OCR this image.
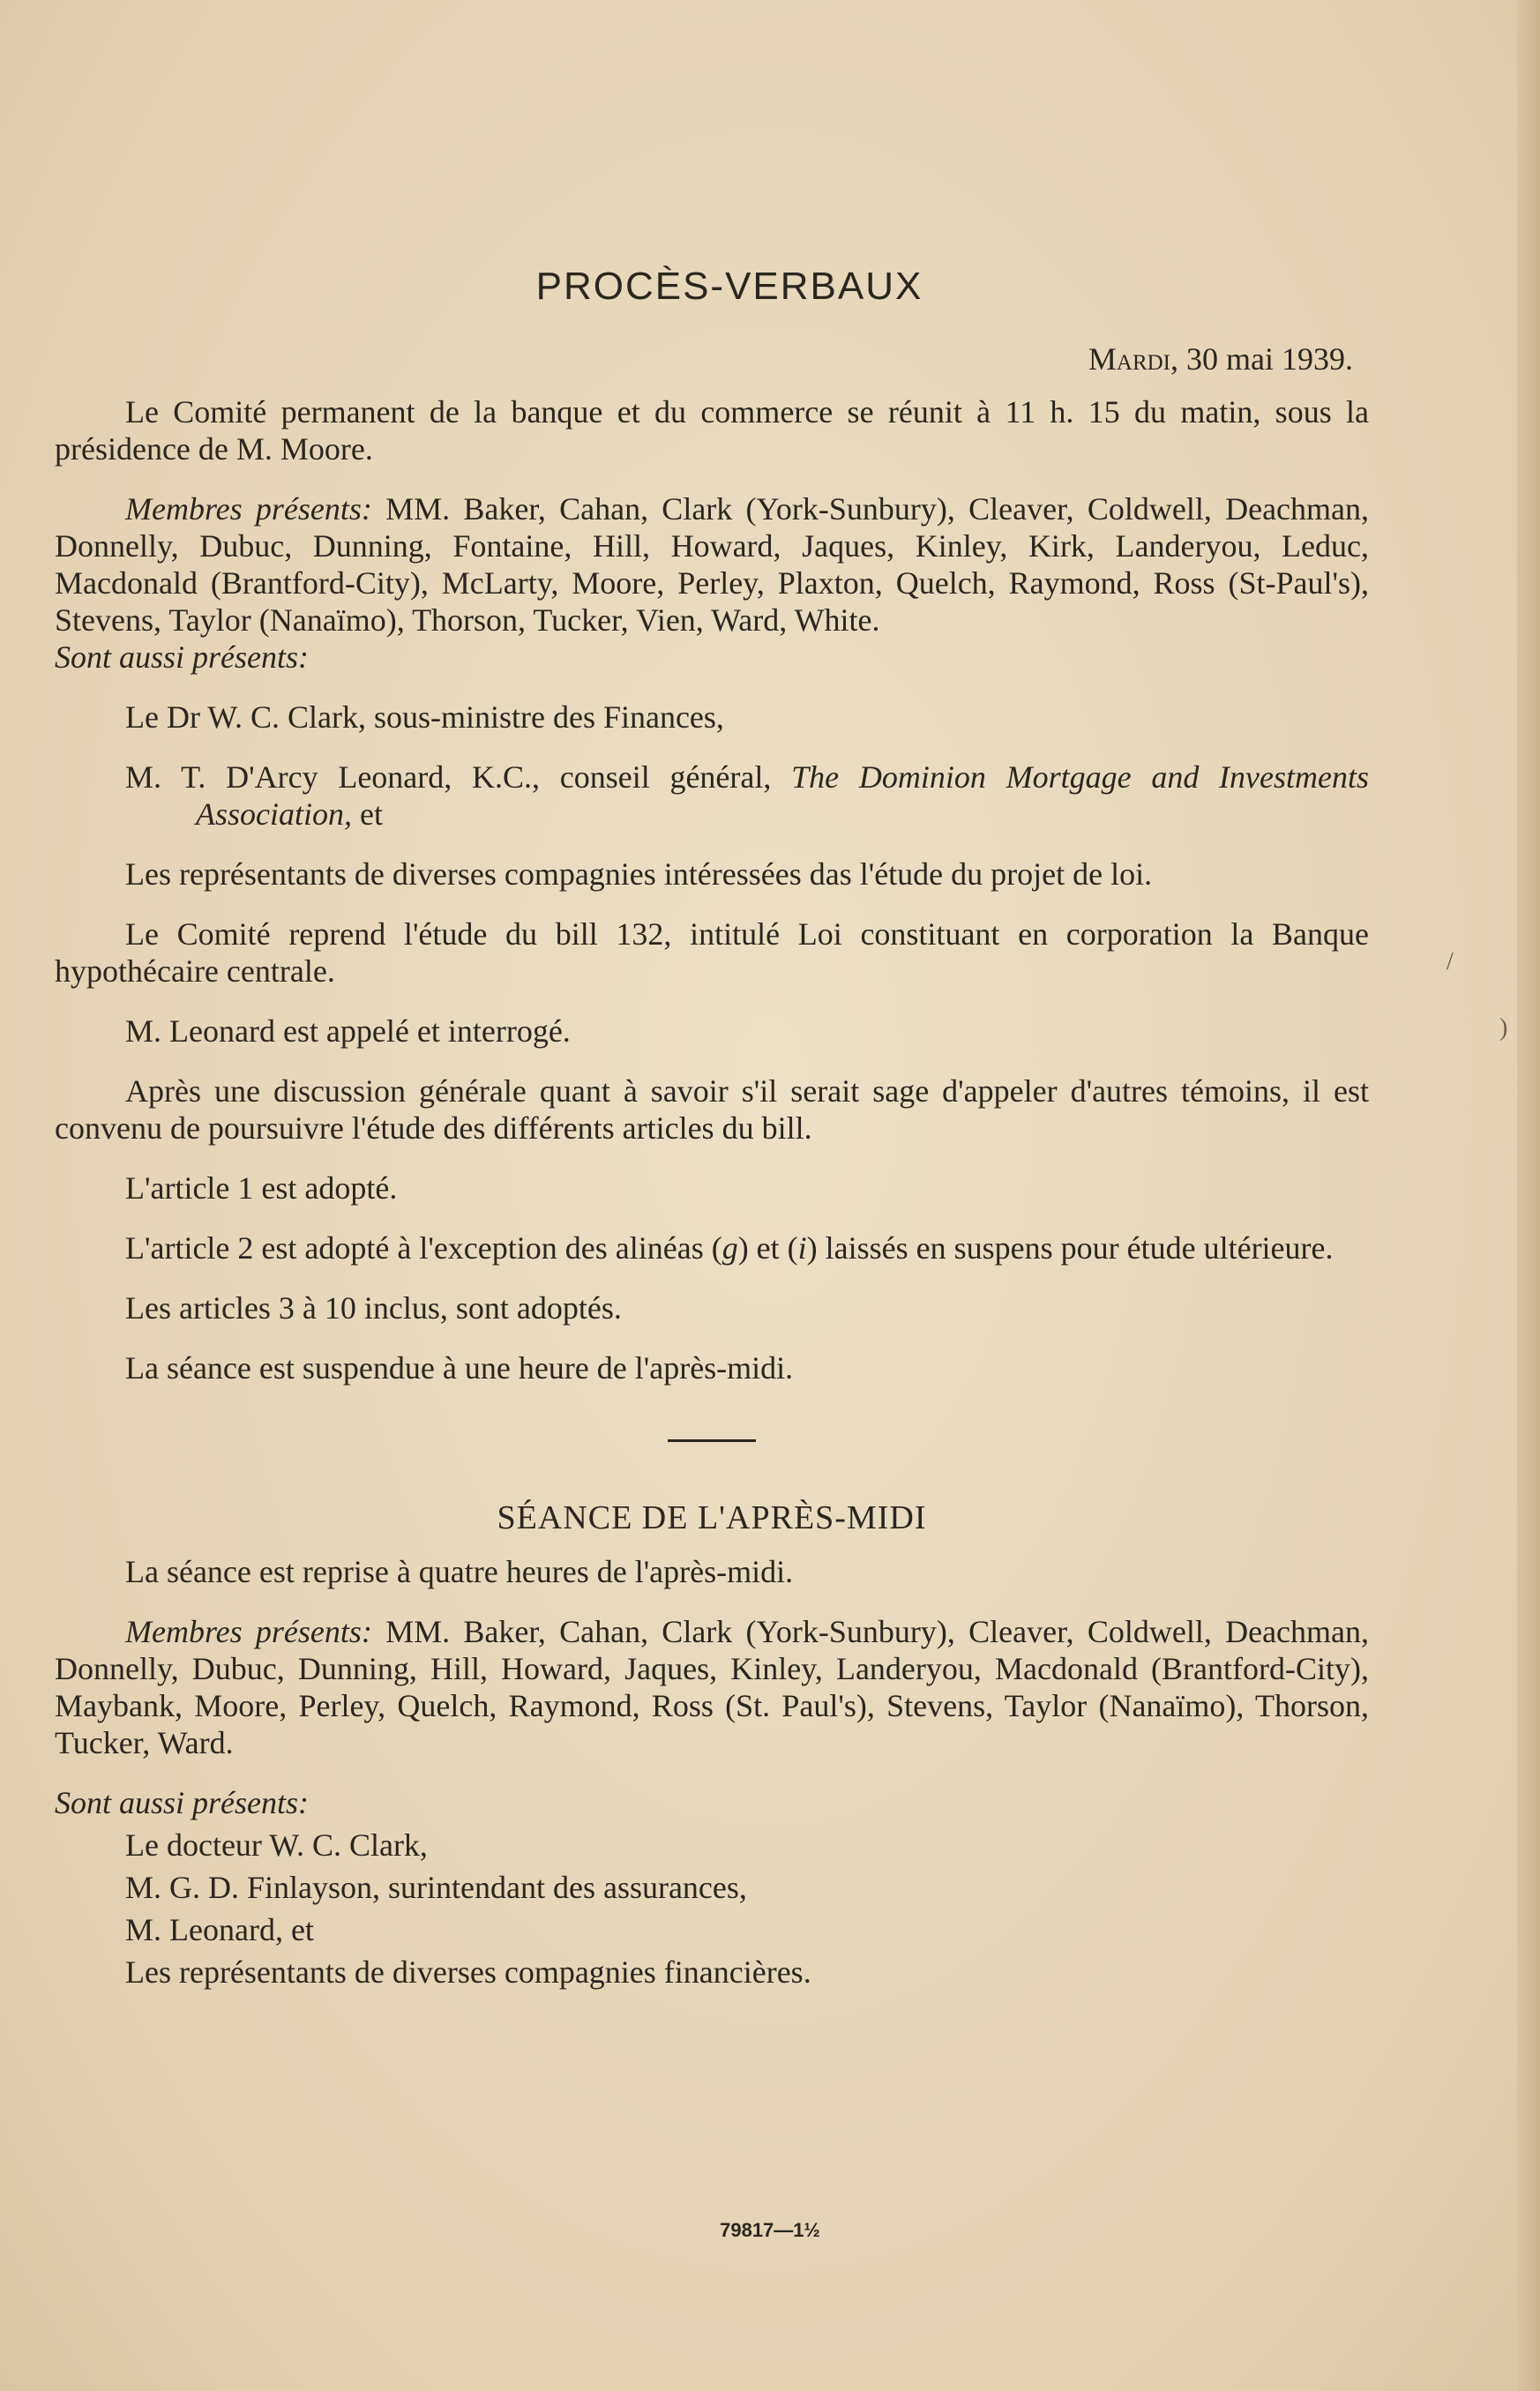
PROCÈS-VERBAUX
Mardi, 30 mai 1939.

Le Comité permanent de la banque et du commerce se réunit à 11 h. 15 du matin, sous la présidence de M. Moore.

Membres présents: MM. Baker, Cahan, Clark (York-Sunbury), Cleaver, Coldwell, Deachman, Donnelly, Dubuc, Dunning, Fontaine, Hill, Howard, Jaques, Kinley, Kirk, Landeryou, Leduc, Macdonald (Brantford-City), McLarty, Moore, Perley, Plaxton, Quelch, Raymond, Ross (St-Paul's), Stevens, Taylor (Nanaïmo), Thorson, Tucker, Vien, Ward, White.

Sont aussi présents:

Le Dr W. C. Clark, sous-ministre des Finances,

M. T. D'Arcy Leonard, K.C., conseil général, The Dominion Mortgage and Investments Association, et

Les représentants de diverses compagnies intéressées das l'étude du projet de loi.

Le Comité reprend l'étude du bill 132, intitulé Loi constituant en corporation la Banque hypothécaire centrale.

M. Leonard est appelé et interrogé.

Après une discussion générale quant à savoir s'il serait sage d'appeler d'autres témoins, il est convenu de poursuivre l'étude des différents articles du bill.

L'article 1 est adopté.

L'article 2 est adopté à l'exception des alinéas (g) et (i) laissés en suspens pour étude ultérieure.

Les articles 3 à 10 inclus, sont adoptés.

La séance est suspendue à une heure de l'après-midi.

SÉANCE DE L'APRÈS-MIDI

La séance est reprise à quatre heures de l'après-midi.

Membres présents: MM. Baker, Cahan, Clark (York-Sunbury), Cleaver, Coldwell, Deachman, Donnelly, Dubuc, Dunning, Hill, Howard, Jaques, Kinley, Landeryou, Macdonald (Brantford-City), Maybank, Moore, Perley, Quelch, Raymond, Ross (St. Paul's), Stevens, Taylor (Nanaïmo), Thorson, Tucker, Ward.

Sont aussi présents:

Le docteur W. C. Clark,

M. G. D. Finlayson, surintendant des assurances,

M. Leonard, et

Les représentants de diverses compagnies financières.

79817—1½
/
)
